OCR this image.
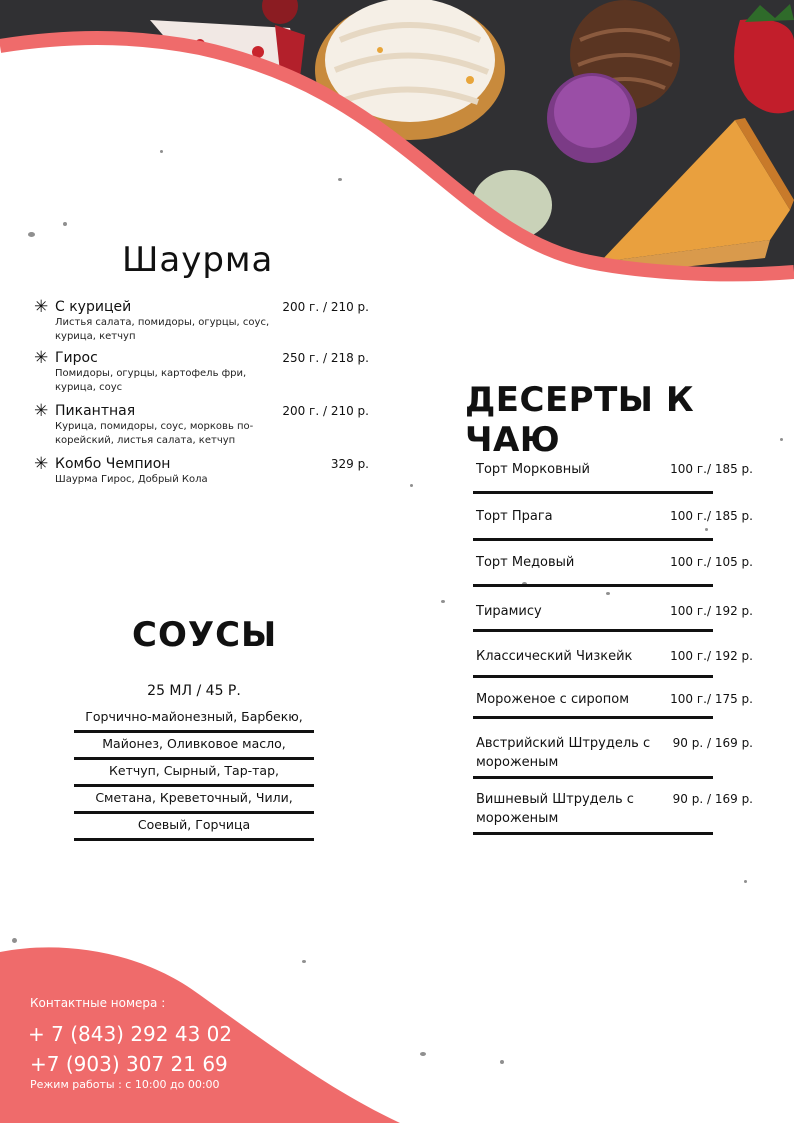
Шаурма
✳ С курицей	200 г. / 210 р.
Листья салата, помидоры, огурцы, соус, курица, кетчуп
✳ Гирос	250 г. / 218 р.
Помидоры, огурцы, картофель фри, курица, соус
✳ Пикантная	200 г. / 210 р.
Курица, помидоры, соус, морковь по-корейский, листья салата, кетчуп
✳ Комбо Чемпион	329 р.
Шаурма Гирос, Добрый Кола
СОУСЫ
25 МЛ / 45 Р.
Горчично-майонезный, Барбекю,
Майонез, Оливковое масло,
Кетчуп, Сырный, Тар-тар,
Сметана, Креветочный, Чили,
Соевый, Горчица
ДЕСЕРТЫ К ЧАЮ
Торт Морковный	100 г./ 185 р.
Торт Прага	100 г./ 185 р.
Торт Медовый	100 г./ 105 р.
Тирамису	100 г./ 192 р.
Классический Чизкейк	100 г./ 192 р.
Мороженое с сиропом	100 г./ 175 р.
Австрийский Штрудель с мороженым
90 р. / 169 р.
Вишневый Штрудель с мороженым
90 р. / 169 р.
Контактные номера :
+ 7 (843) 292 43 02
+7 (903) 307 21 69
Режим работы : с 10:00 до 00:00
